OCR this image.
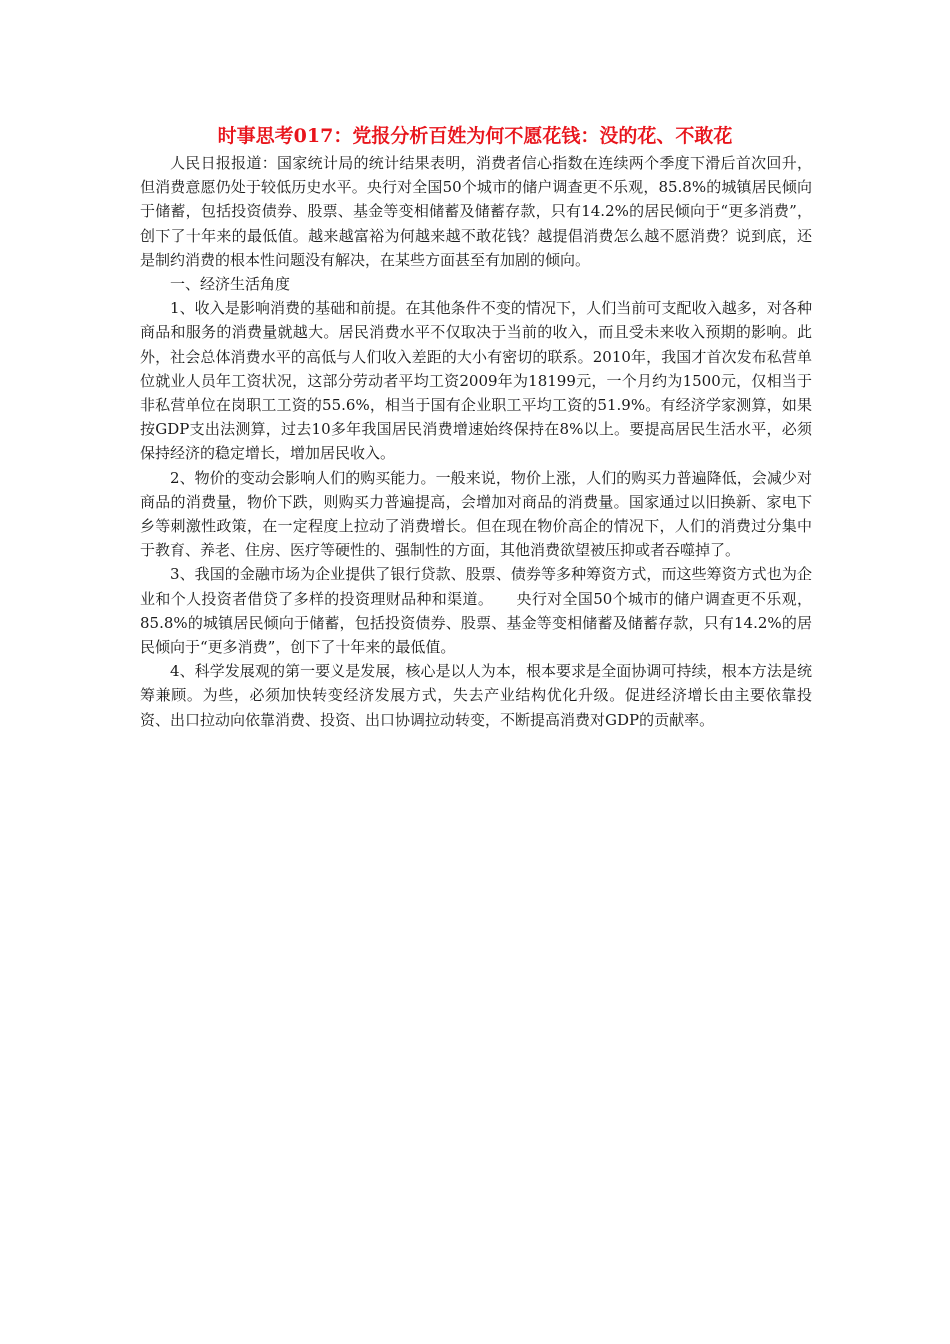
时事思考017：党报分析百姓为何不愿花钱：没的花、不敢花

人民日报报道：国家统计局的统计结果表明，消费者信心指数在连续两个季度下滑后首次回升，但消费意愿仍处于较低历史水平。央行对全国50个城市的储户调查更不乐观，85.8%的城镇居民倾向于储蓄，包括投资债券、股票、基金等变相储蓄及储蓄存款，只有14.2%的居民倾向于“更多消费”，创下了十年来的最低值。越来越富裕为何越来越不敢花钱？越提倡消费怎么越不愿消费？说到底，还是制约消费的根本性问题没有解决，在某些方面甚至有加剧的倾向。

一、经济生活角度

1、收入是影响消费的基础和前提。在其他条件不变的情况下，人们当前可支配收入越多，对各种商品和服务的消费量就越大。居民消费水平不仅取决于当前的收入，而且受未来收入预期的影响。此外，社会总体消费水平的高低与人们收入差距的大小有密切的联系。2010年，我国才首次发布私营单位就业人员年工资状况，这部分劳动者平均工资2009年为18199元，一个月约为1500元，仅相当于非私营单位在岗职工工资的55.6%，相当于国有企业职工平均工资的51.9%。有经济学家测算，如果按GDP支出法测算，过去10多年我国居民消费增速始终保持在8%以上。要提高居民生活水平，必须保持经济的稳定增长，增加居民收入。

2、物价的变动会影响人们的购买能力。一般来说，物价上涨，人们的购买力普遍降低，会减少对商品的消费量，物价下跌，则购买力普遍提高，会增加对商品的消费量。国家通过以旧换新、家电下乡等刺激性政策，在一定程度上拉动了消费增长。但在现在物价高企的情况下，人们的消费过分集中于教育、养老、住房、医疗等硬性的、强制性的方面，其他消费欲望被压抑或者吞噬掉了。

3、我国的金融市场为企业提供了银行贷款、股票、债券等多种筹资方式，而这些筹资方式也为企业和个人投资者借贷了多样的投资理财品种和渠道。　　央行对全国50个城市的储户调查更不乐观，85.8%的城镇居民倾向于储蓄，包括投资债券、股票、基金等变相储蓄及储蓄存款，只有14.2%的居民倾向于“更多消费”，创下了十年来的最低值。

4、科学发展观的第一要义是发展，核心是以人为本，根本要求是全面协调可持续，根本方法是统筹兼顾。为些，必须加快转变经济发展方式，失去产业结构优化升级。促进经济增长由主要依靠投资、出口拉动向依靠消费、投资、出口协调拉动转变，不断提高消费对GDP的贡献率。
